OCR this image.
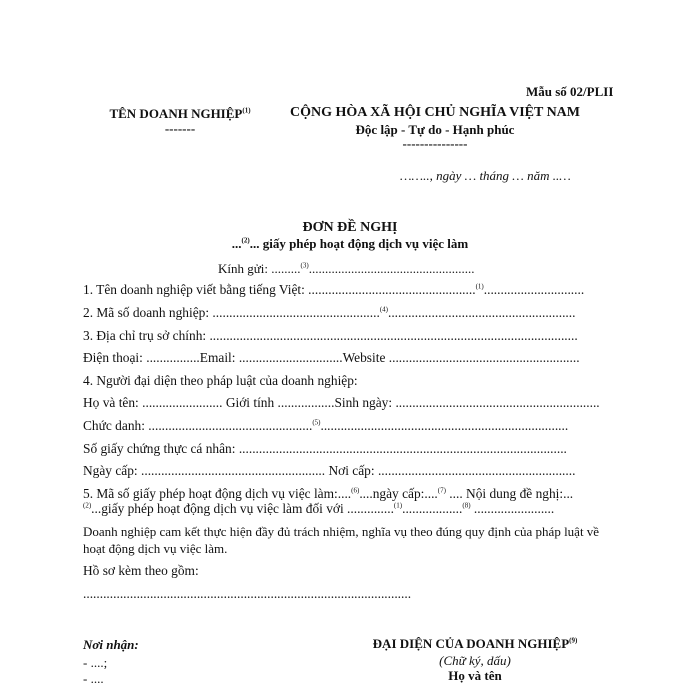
Mẫu số 02/PLII
TÊN DOANH NGHIỆP$^{(1)}$
-------
CỘNG HÒA XÃ HỘI CHỦ NGHĨA VIỆT NAM
Độc lập - Tự do - Hạnh phúc
---------------
…….., ngày … tháng … năm ..…
ĐƠN ĐỀ NGHỊ
...$^{(2)}$... giấy phép hoạt động dịch vụ việc làm
Kính gửi: .........$^{(3)}$...................................................
1. Tên doanh nghiệp viết bằng tiếng Việt: ..................................................$^{(1)}$..............................
2. Mã số doanh nghiệp: ..................................................$^{(4)}$........................................................
3. Địa chỉ trụ sở chính: ..............................................................................................................
Điện thoại: ................Email: ...............................Website .........................................................
4. Người đại diện theo pháp luật của doanh nghiệp:
Họ và tên: ........................ Giới tính .................Sinh ngày: .............................................................
Chức danh: .................................................$^{(5)}$..........................................................................
Số giấy chứng thực cá nhân: ..................................................................................................
Ngày cấp: ....................................................... Nơi cấp: ...........................................................
5. Mã số giấy phép hoạt động dịch vụ việc làm:....$^{(6)}$....ngày cấp:....$^{(7)}$ .... Nội dung đề nghị:...
$^{(2)}$...giấy phép hoạt động dịch vụ việc làm đối với ..............$^{(1)}$..................$^{(8)}$ ........................
Doanh nghiệp cam kết thực hiện đầy đủ trách nhiệm, nghĩa vụ theo đúng quy định của pháp luật về hoạt động dịch vụ việc làm.
Hồ sơ kèm theo gồm:
..................................................................................................
Nơi nhận:
- ....;
- ....
ĐẠI DIỆN CỦA DOANH NGHIỆP$^{(9)}$
(Chữ ký, dấu)
Họ và tên
